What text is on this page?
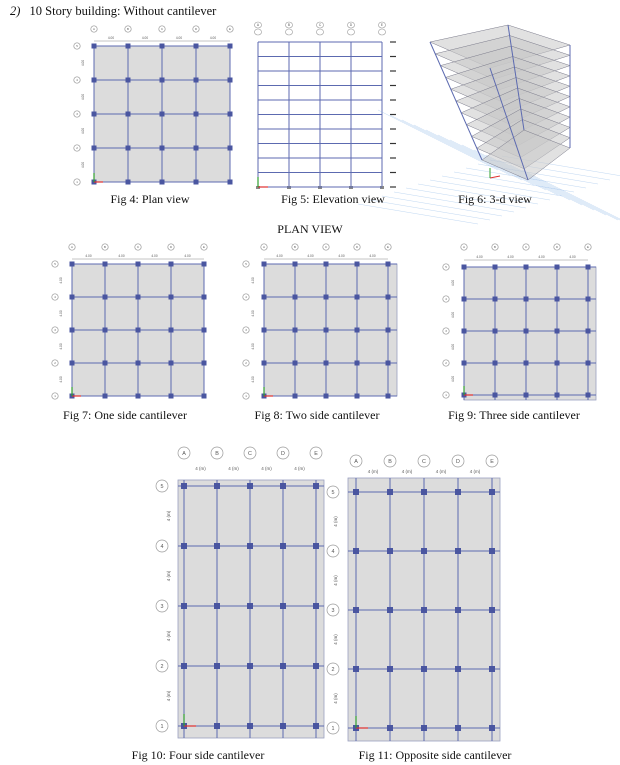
2) 10 Story building: Without cantilever
A	B	C	D	E
5
4
3
2
1
4.00
4.00
4.00
4.00
4.00
4.00
4.00
4.00
A	B	C	D	E
A	B	C	D	E
5
4
3
2
1
4.00
4.00
4.00
4.00
4.00
4.00
4.00
4.00
A	B	C	D	E
5
4
3
2
1
4.00
4.00
4.00
4.00
4.00
4.00
4.00
4.00
A	B	C	D	E
5
4
3
2
1
4.00
4.00
4.00
4.00
4.00
4.00
4.00
4.00
A	B	C	D	E
5
4
3
2
1
4 (m)
4 (m)
4 (m)
4 (m)
4 (m)
4 (m)
4 (m)
4 (m)
A	B	C	D	E
5
4
3
2
1
4 (m)
4 (m)
4 (m)
4 (m)
4 (m)
4 (m)
4 (m)
4 (m)
PLAN VIEW
Fig 4: Plan view	Fig 5: Elevation view	Fig 6: 3-d view
Fig 7: One side cantilever	Fig 8: Two side cantilever	Fig 9: Three side cantilever
Fig 10: Four side cantilever	Fig 11: Opposite side cantilever
